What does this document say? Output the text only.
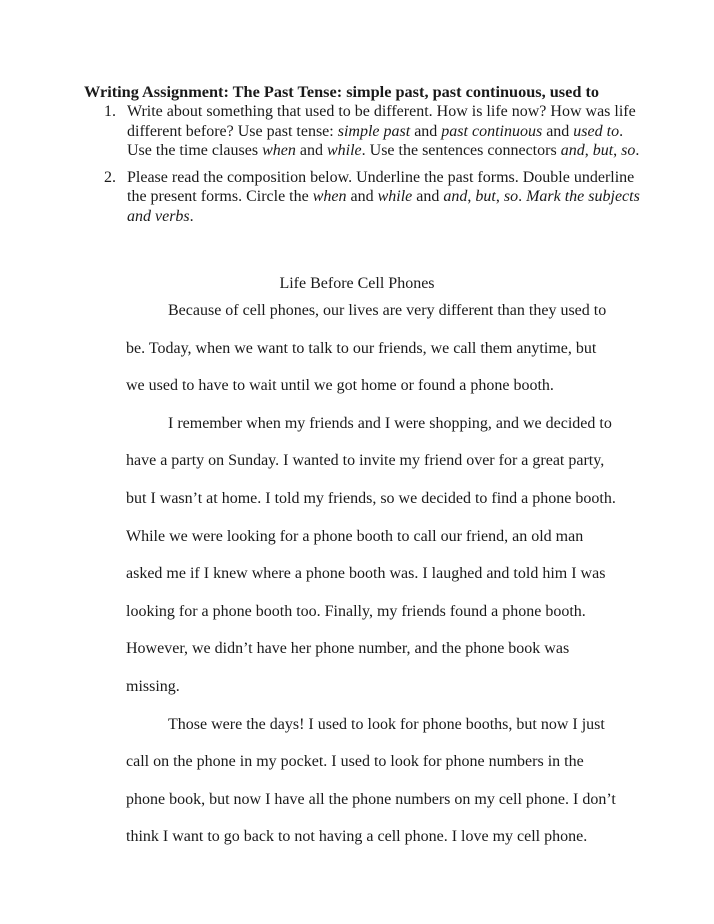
Writing Assignment: The Past Tense: simple past, past continuous, used to
1. Write about something that used to be different. How is life now? How was life different before? Use past tense: simple past and past continuous and used to. Use the time clauses when and while. Use the sentences connectors and, but, so.
2. Please read the composition below. Underline the past forms. Double underline the present forms. Circle the when and while and and, but, so. Mark the subjects and verbs.
Life Before Cell Phones
Because of cell phones, our lives are very different than they used to
be. Today, when we want to talk to our friends, we call them anytime, but
we used to have to wait until we got home or found a phone booth.
I remember when my friends and I were shopping, and we decided to
have a party on Sunday. I wanted to invite my friend over for a great party,
but I wasn’t at home. I told my friends, so we decided to find a phone booth.
While we were looking for a phone booth to call our friend, an old man
asked me if I knew where a phone booth was. I laughed and told him I was
looking for a phone booth too. Finally, my friends found a phone booth.
However, we didn’t have her phone number, and the phone book was
missing.
Those were the days! I used to look for phone booths, but now I just
call on the phone in my pocket. I used to look for phone numbers in the
phone book, but now I have all the phone numbers on my cell phone. I don’t
think I want to go back to not having a cell phone. I love my cell phone.
